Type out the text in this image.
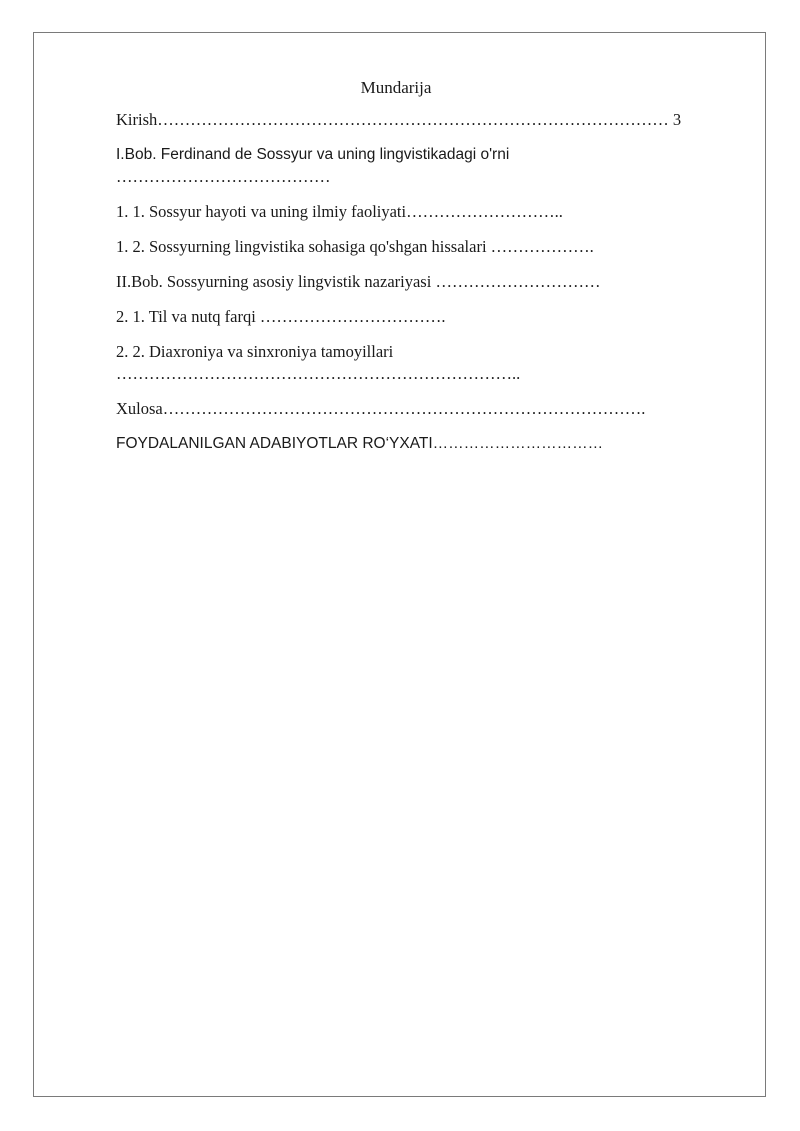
Mundarija
Kirish………………………………………………………………………………… 3
I.Bob. Ferdinand de Sossyur va uning lingvistikadagi o'rni
…………………………………
1. 1. Sossyur hayoti va uning ilmiy faoliyati………………………..
1. 2. Sossyurning lingvistika sohasiga qo'shgan hissalari ……………….
II.Bob. Sossyurning asosiy lingvistik nazariyasi …………………………
2. 1. Til va nutq farqi …………………………….
2. 2. Diaxroniya va sinxroniya tamoyillari
………………………………………………………………..
Xulosa…………………………………………………………………………….
FOYDALANILGAN ADABIYOTLAR RO‘YXATI……………………………
